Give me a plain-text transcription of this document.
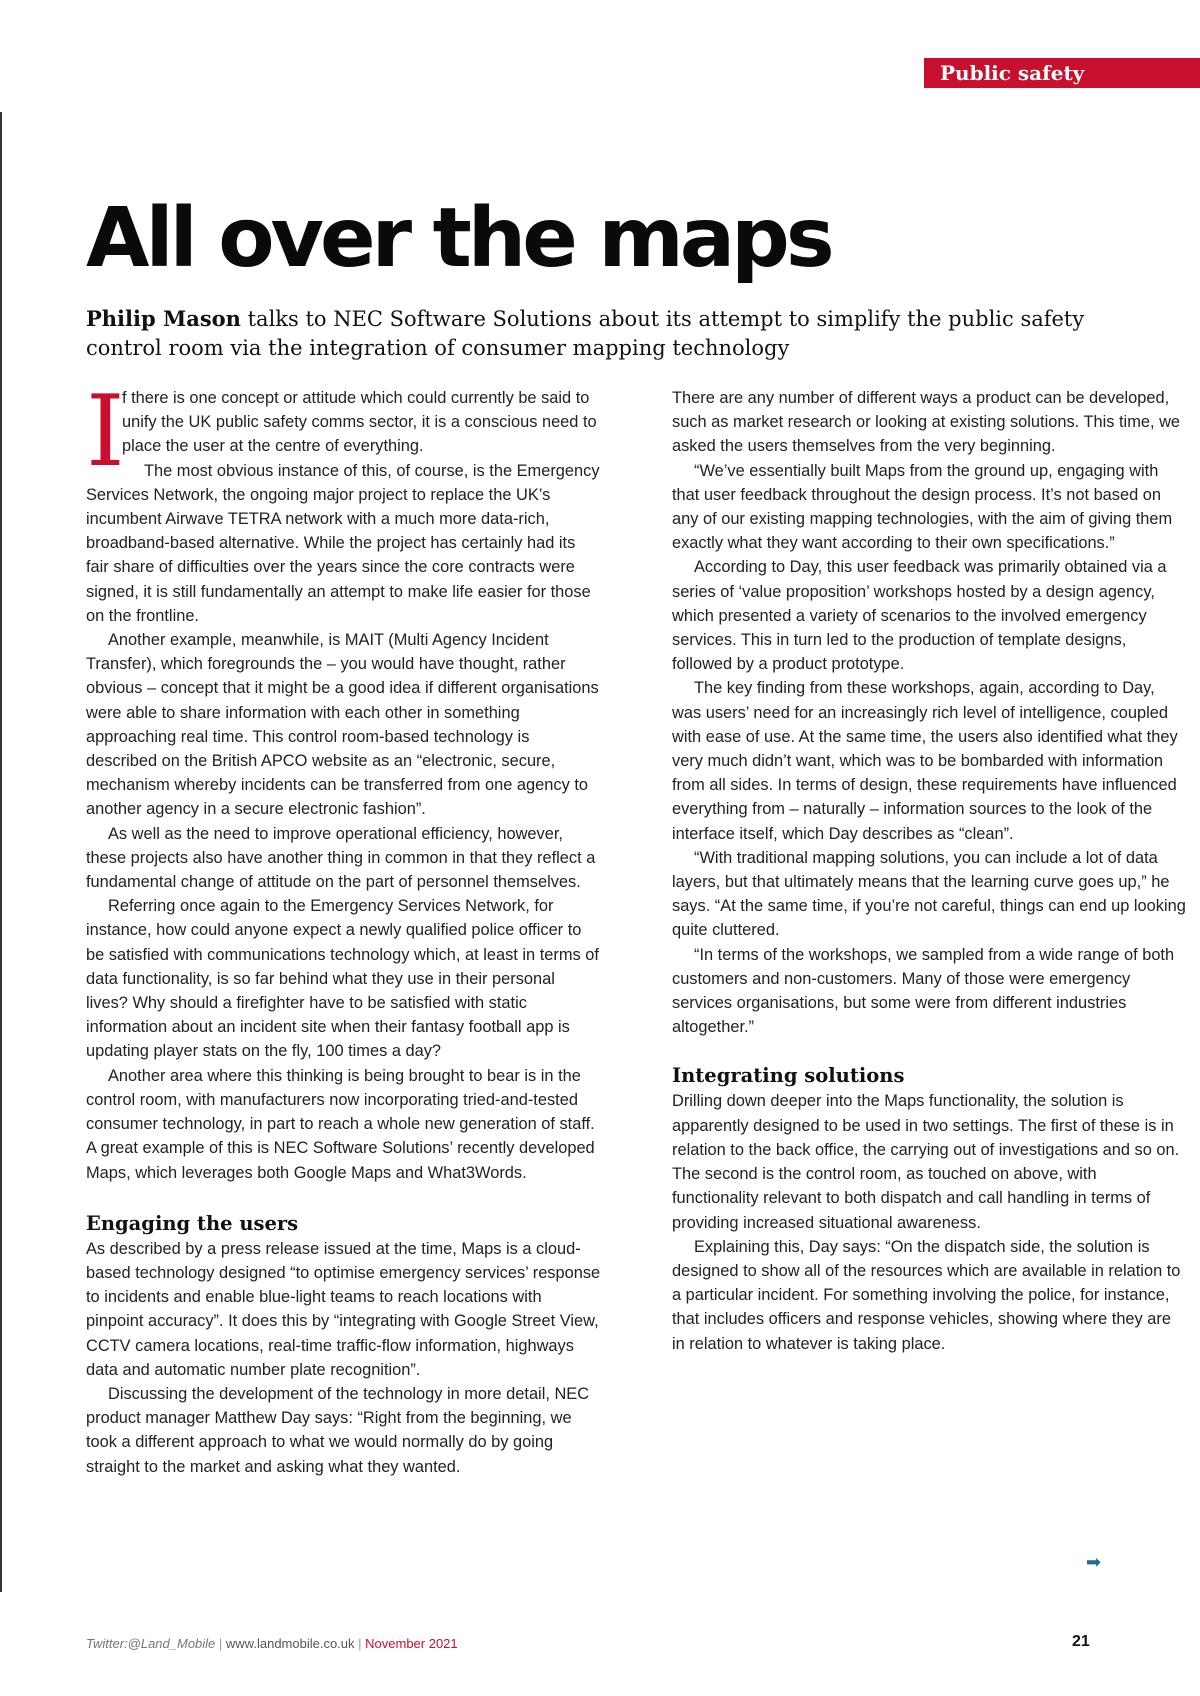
Public safety
All over the maps

Philip Mason talks to NEC Software Solutions about its attempt to simplify the public safety control room via the integration of consumer mapping technology

I

f there is one concept or attitude which could currently be said to unify the UK public safety comms sector, it is a conscious need to place the user at the centre of everything.

The most obvious instance of this, of course, is the Emergency Services Network, the ongoing major project to replace the UK’s incumbent Airwave TETRA network with a much more data-rich, broadband-based alternative. While the project has certainly had its fair share of difficulties over the years since the core contracts were signed, it is still fundamentally an attempt to make life easier for those on the frontline.

Another example, meanwhile, is MAIT (Multi Agency Incident Transfer), which foregrounds the – you would have thought, rather obvious – concept that it might be a good idea if different organisations were able to share information with each other in something approaching real time. This control room-based technology is described on the British APCO website as an “electronic, secure, mechanism whereby incidents can be transferred from one agency to another agency in a secure electronic fashion”.

As well as the need to improve operational efficiency, however, these projects also have another thing in common in that they reflect a fundamental change of attitude on the part of personnel themselves.

Referring once again to the Emergency Services Network, for instance, how could anyone expect a newly qualified police officer to be satisfied with communications technology which, at least in terms of data functionality, is so far behind what they use in their personal lives? Why should a firefighter have to be satisfied with static information about an incident site when their fantasy football app is updating player stats on the fly, 100 times a day?

Another area where this thinking is being brought to bear is in the control room, with manufacturers now incorporating tried-and-tested consumer technology, in part to reach a whole new generation of staff. A great example of this is NEC Software Solutions’ recently developed Maps, which leverages both Google Maps and What3Words.

Engaging the users

As described by a press release issued at the time, Maps is a cloud-based technology designed “to optimise emergency services’ response to incidents and enable blue-light teams to reach locations with pinpoint accuracy”. It does this by “integrating with Google Street View, CCTV camera locations, real-time traffic-flow information, highways data and automatic number plate recognition”.

Discussing the development of the technology in more detail, NEC product manager Matthew Day says: “Right from the beginning, we took a different approach to what we would normally do by going straight to the market and asking what they wanted.

There are any number of different ways a product can be developed, such as market research or looking at existing solutions. This time, we asked the users themselves from the very beginning.

“We’ve essentially built Maps from the ground up, engaging with that user feedback throughout the design process. It’s not based on any of our existing mapping technologies, with the aim of giving them exactly what they want according to their own specifications.”

According to Day, this user feedback was primarily obtained via a series of ‘value proposition’ workshops hosted by a design agency, which presented a variety of scenarios to the involved emergency services. This in turn led to the production of template designs, followed by a product prototype.

The key finding from these workshops, again, according to Day, was users’ need for an increasingly rich level of intelligence, coupled with ease of use. At the same time, the users also identified what they very much didn’t want, which was to be bombarded with information from all sides. In terms of design, these requirements have influenced everything from – naturally – information sources to the look of the interface itself, which Day describes as “clean”.

“With traditional mapping solutions, you can include a lot of data layers, but that ultimately means that the learning curve goes up,” he says. “At the same time, if you’re not careful, things can end up looking quite cluttered.

“In terms of the workshops, we sampled from a wide range of both customers and non-customers. Many of those were emergency services organisations, but some were from different industries altogether.”

Integrating solutions

Drilling down deeper into the Maps functionality, the solution is apparently designed to be used in two settings. The first of these is in relation to the back office, the carrying out of investigations and so on. The second is the control room, as touched on above, with functionality relevant to both dispatch and call handling in terms of providing increased situational awareness.

Explaining this, Day says: “On the dispatch side, the solution is designed to show all of the resources which are available in relation to a particular incident. For something involving the police, for instance, that includes officers and response vehicles, showing where they are in relation to whatever is taking place.

➡
Twitter:@Land_Mobile | www.landmobile.co.uk | November 2021	21
